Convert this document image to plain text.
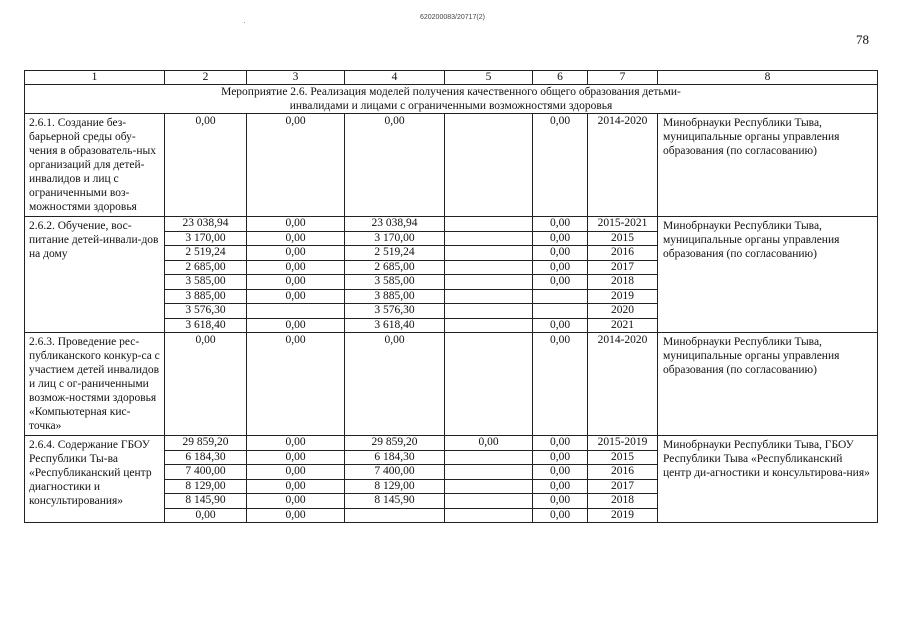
620200083/20717(2)
78
1	2	3	4	5	6	7	8

Мероприятие 2.6. Реализация моделей получения качественного общего образования детьми-инвалидами и лицами с ограниченными возможностями здоровья							

2.6.1. Создание без-барьерной среды обу-чения в образователь-ных организаций для детей-инвалидов и лиц с ограниченными воз-можностями здоровья	0,00	0,00	0,00		0,00	2014-2020	Минобрнауки Республики Тыва, муниципальные органы управления образования (по согласованию)
2.6.2. Обучение, вос-питание детей-инвали-дов на дому	23 038,94	0,00	23 038,94		0,00	2015-2021	Минобрнауки Республики Тыва, муниципальные органы управления образования (по согласованию)
	3 170,00	0,00	3 170,00		0,00	2015	
	2 519,24	0,00	2 519,24		0,00	2016	
	2 685,00	0,00	2 685,00		0,00	2017	
	3 585,00	0,00	3 585,00		0,00	2018	
	3 885,00	0,00	3 885,00			2019	
	3 576,30		3 576,30			2020	
	3 618,40	0,00	3 618,40		0,00	2021	
2.6.3. Проведение рес-публиканского конкур-са с участием детей инвалидов и лиц с ог-раниченными возмож-ностями здоровья «Компьютерная кис-точка»	0,00	0,00	0,00		0,00	2014-2020	Минобрнауки Республики Тыва, муниципальные органы управления образования (по согласованию)
2.6.4. Содержание ГБОУ Республики Ты-ва «Республиканский центр диагностики и консультирования»	29 859,20	0,00	29 859,20	0,00	0,00	2015-2019	Минобрнауки Республики Тыва, ГБОУ Республики Тыва «Республиканский центр ди-агностики и консультирова-ния»
	6 184,30	0,00	6 184,30		0,00	2015	
	7 400,00	0,00	7 400,00		0,00	2016	
	8 129,00	0,00	8 129,00		0,00	2017	
	8 145,90	0,00	8 145,90		0,00	2018	
	0,00	0,00			0,00	2019	
